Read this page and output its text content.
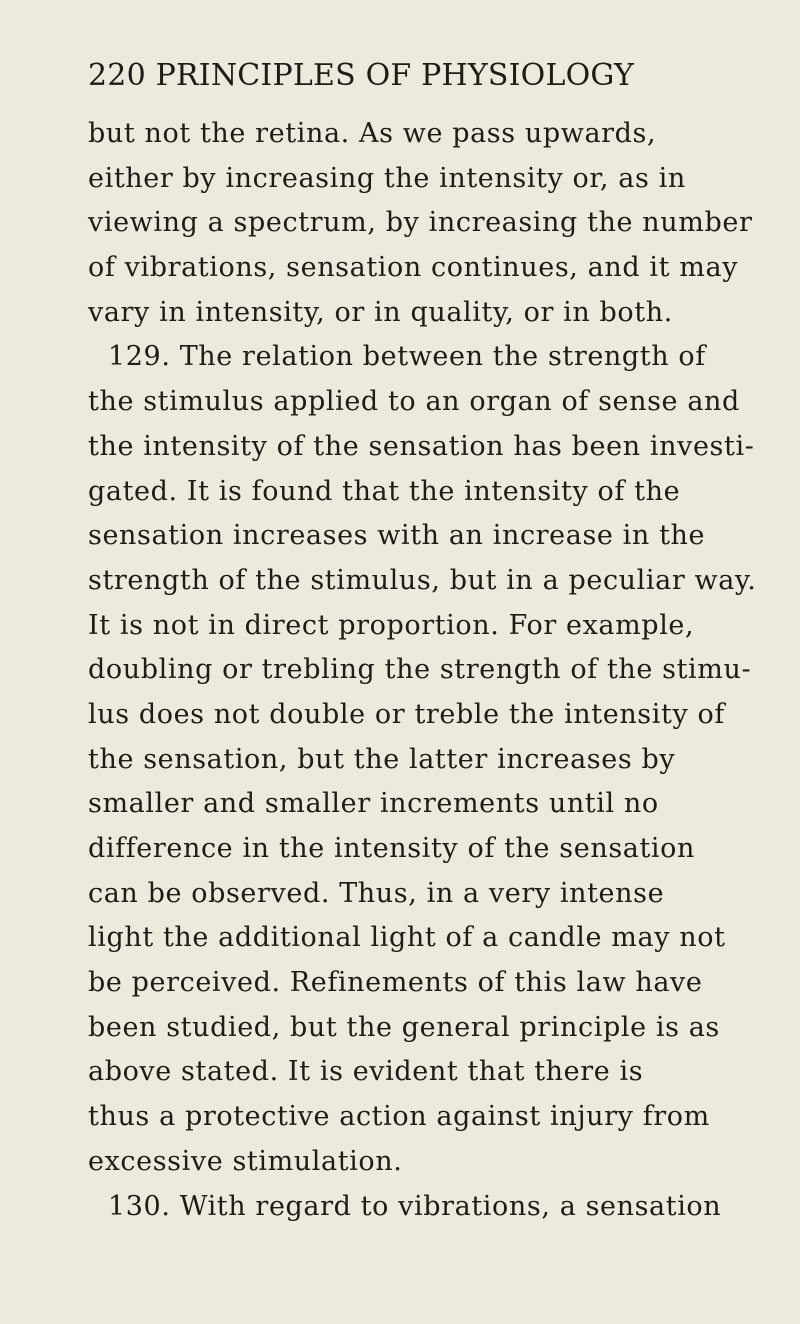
220 PRINCIPLES OF PHYSIOLOGY
but not the retina. As we pass upwards,
either by increasing the intensity or, as in
viewing a spectrum, by increasing the number
of vibrations, sensation continues, and it may
vary in intensity, or in quality, or in both.
129. The relation between the strength of
the stimulus applied to an organ of sense and
the intensity of the sensation has been investi-
gated. It is found that the intensity of the
sensation increases with an increase in the
strength of the stimulus, but in a peculiar way.
It is not in direct proportion. For example,
doubling or trebling the strength of the stimu-
lus does not double or treble the intensity of
the sensation, but the latter increases by
smaller and smaller increments until no
difference in the intensity of the sensation
can be observed. Thus, in a very intense
light the additional light of a candle may not
be perceived. Refinements of this law have
been studied, but the general principle is as
above stated. It is evident that there is
thus a protective action against injury from
excessive stimulation.
130. With regard to vibrations, a sensation
